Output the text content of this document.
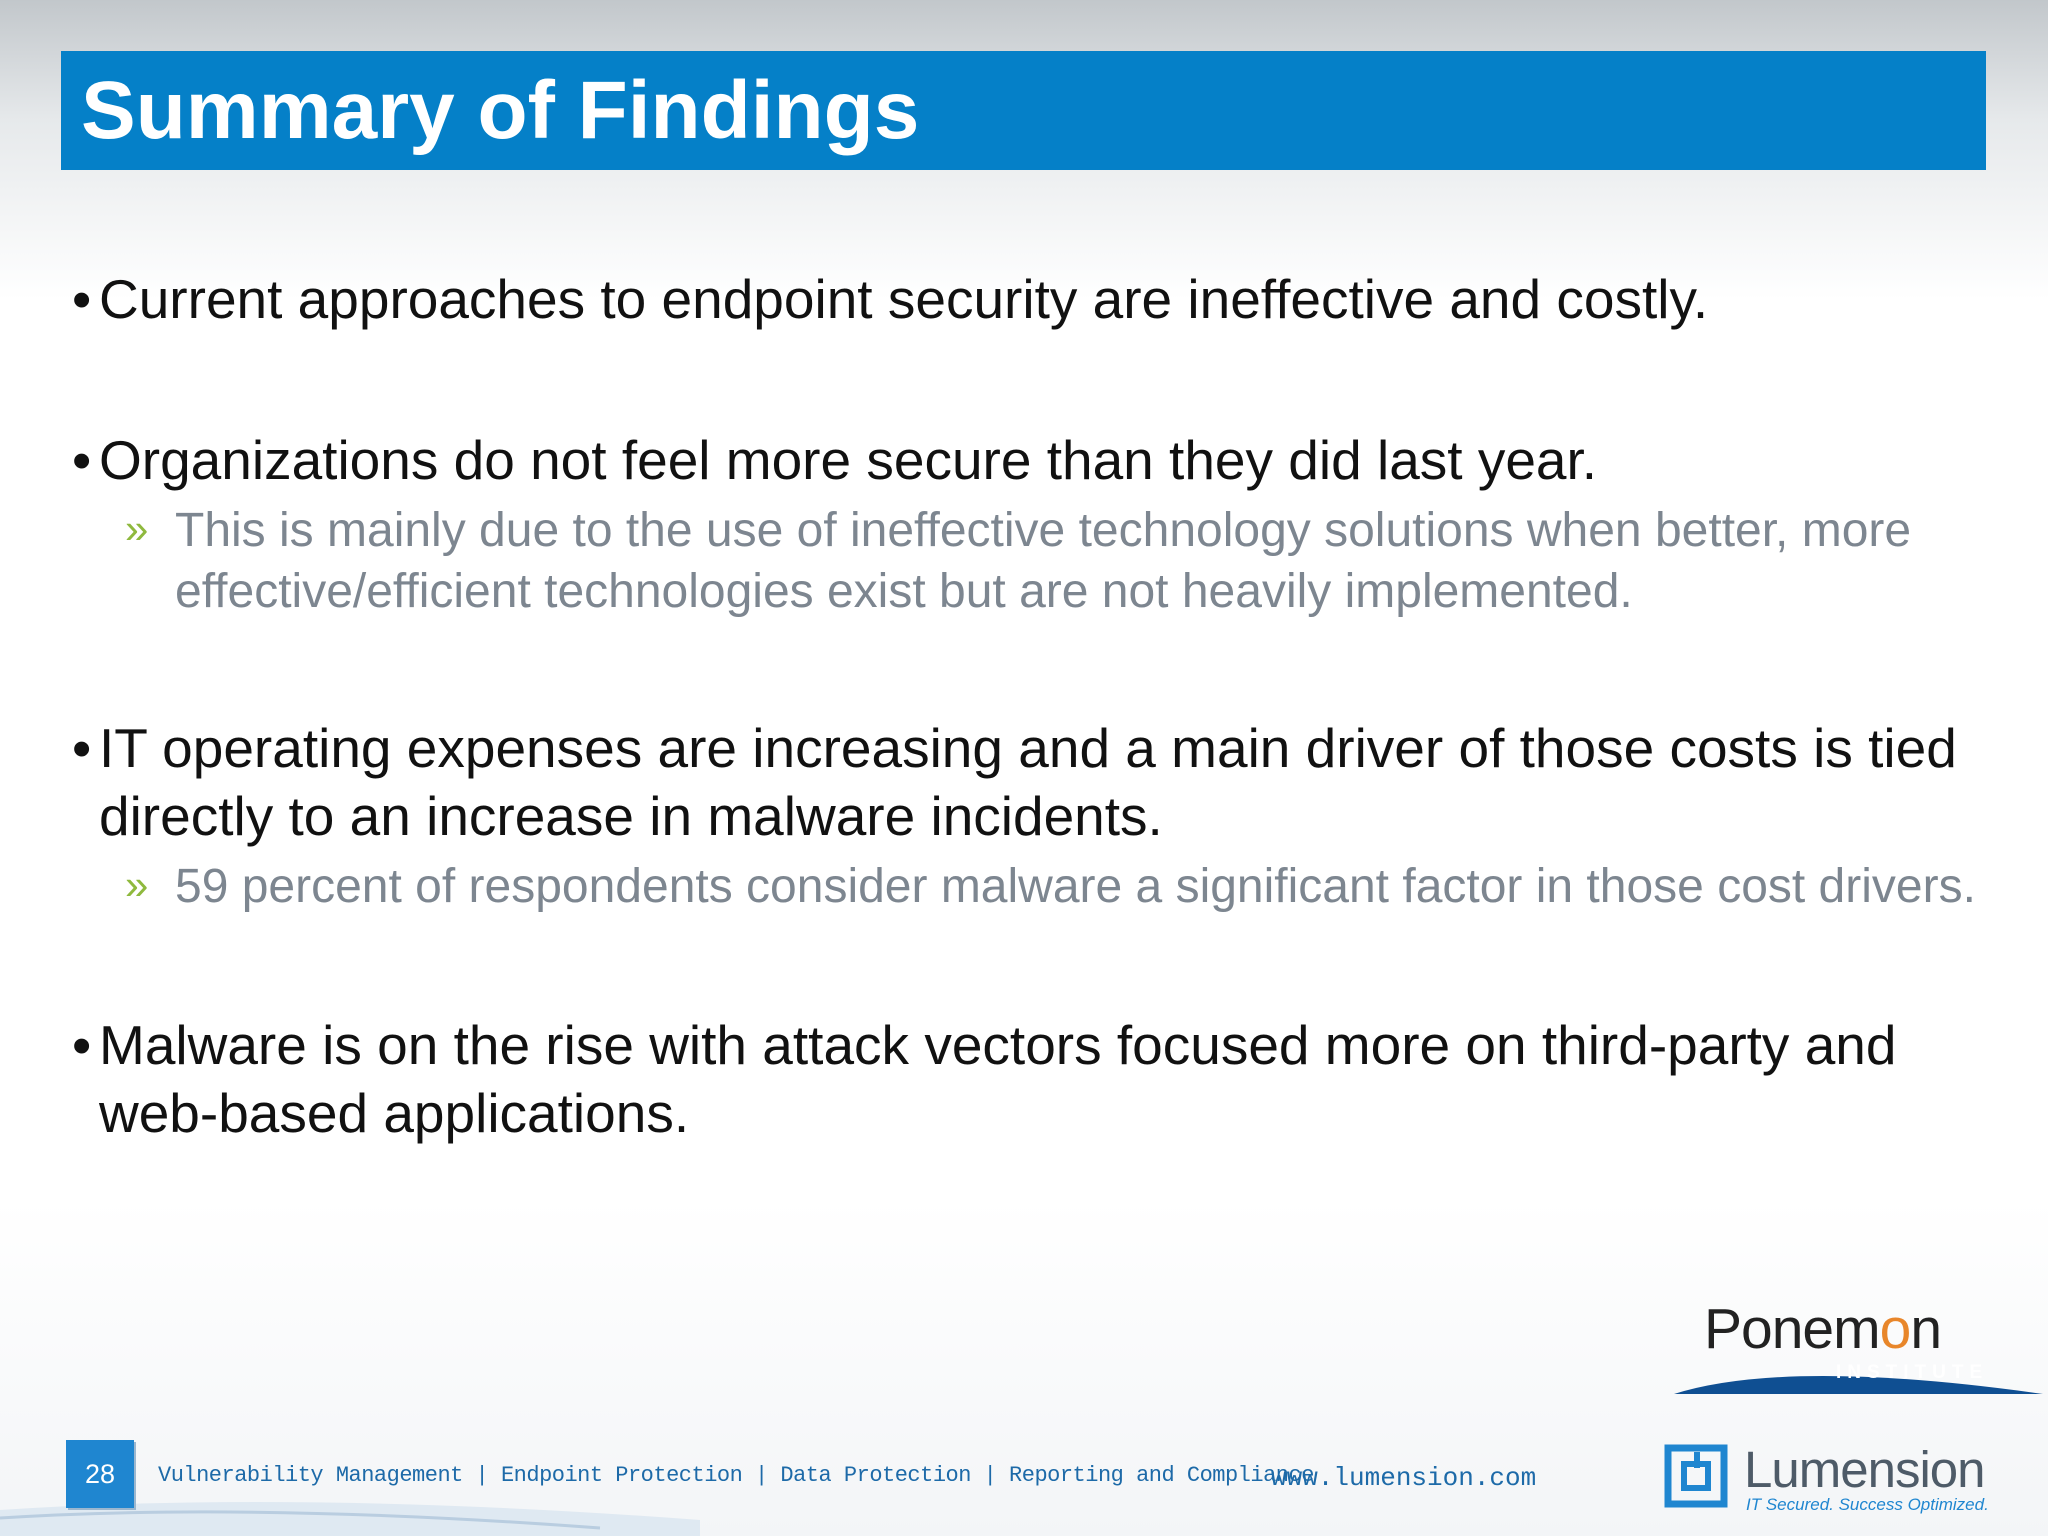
Summary of Findings
• Current approaches to endpoint security are ineffective and costly.
• Organizations do not feel more secure than they did last year.
» This is mainly due to the use of ineffective technology solutions when better, more effective/efficient technologies exist but are not heavily implemented.
• IT operating expenses are increasing and a main driver of those costs is tied directly to an increase in malware incidents.
» 59 percent of respondents consider malware a significant factor in those cost drivers.
• Malware is on the rise with attack vectors focused more on third-party and web-based applications.
Ponemon
INSTITUTE
28	Vulnerability Management | Endpoint Protection | Data Protection | Reporting and Compliance
www.lumension.com	Lumension
IT Secured. Success Optimized.
